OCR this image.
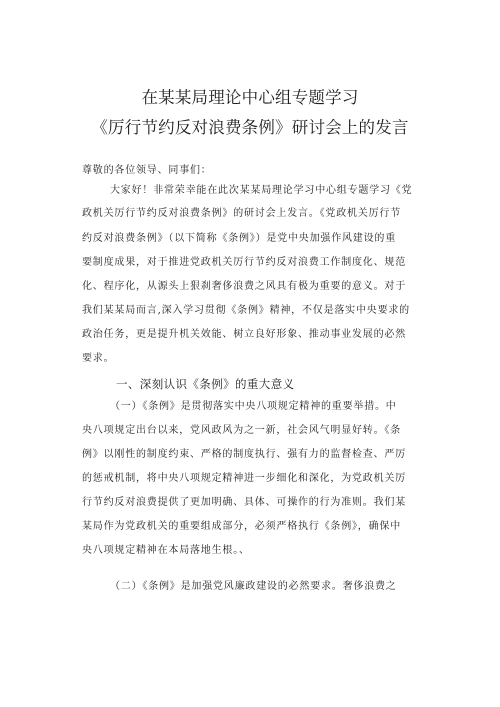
在某某局理论中心组专题学习
《厉行节约反对浪费条例》研讨会上的发言
尊敬的各位领导、同事们：
大家好！非常荣幸能在此次某某局理论学习中心组专题学习《党
政机关厉行节约反对浪费条例》的研讨会上发言。《党政机关厉行节
约反对浪费条例》（以下简称《条例》）是党中央加强作风建设的重
要制度成果，对于推进党政机关厉行节约反对浪费工作制度化、规范
化、程序化，从源头上狠刹奢侈浪费之风具有极为重要的意义。对于
我们某某局而言,深入学习贯彻《条例》精神，不仅是落实中央要求的
政治任务，更是提升机关效能、树立良好形象、推动事业发展的必然
要求。
一、深刻认识《条例》的重大意义
（一）《条例》是贯彻落实中央八项规定精神的重要举措。中
央八项规定出台以来，党风政风为之一新，社会风气明显好转。《条
例》以刚性的制度约束、严格的制度执行、强有力的监督检查、严厉
的惩戒机制，将中央八项规定精神进一步细化和深化，为党政机关厉
行节约反对浪费提供了更加明确、具体、可操作的行为准则。我们某
某局作为党政机关的重要组成部分，必须严格执行《条例》，确保中
央八项规定精神在本局落地生根。、
（二）《条例》是加强党风廉政建设的必然要求。奢侈浪费之
